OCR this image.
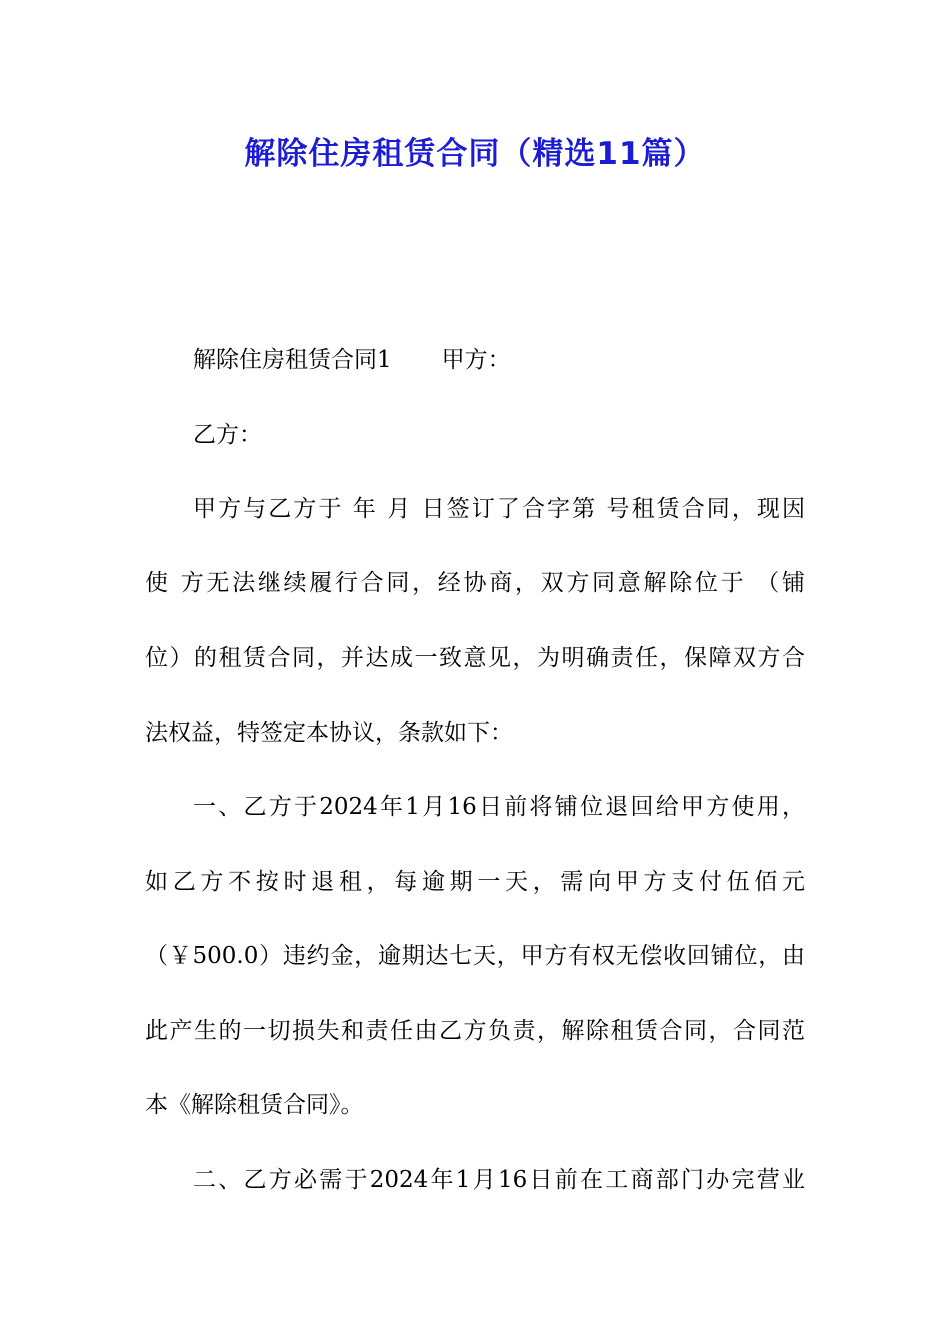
解除住房租赁合同（精选11篇）
解除住房租赁合同1 甲方：
乙方：
甲方与乙方于 年 月 日签订了合字第 号租赁合同，现因
使 方无法继续履行合同，经协商，双方同意解除位于 （铺
位）的租赁合同，并达成一致意见，为明确责任，保障双方合
法权益，特签定本协议，条款如下：
一、乙方于2024年1月16日前将铺位退回给甲方使用，
如乙方不按时退租，每逾期一天，需向甲方支付伍佰元
（￥500.0）违约金，逾期达七天，甲方有权无偿收回铺位，由
此产生的一切损失和责任由乙方负责，解除租赁合同，合同范
本《解除租赁合同》。
二、乙方必需于2024年1月16日前在工商部门办完营业
